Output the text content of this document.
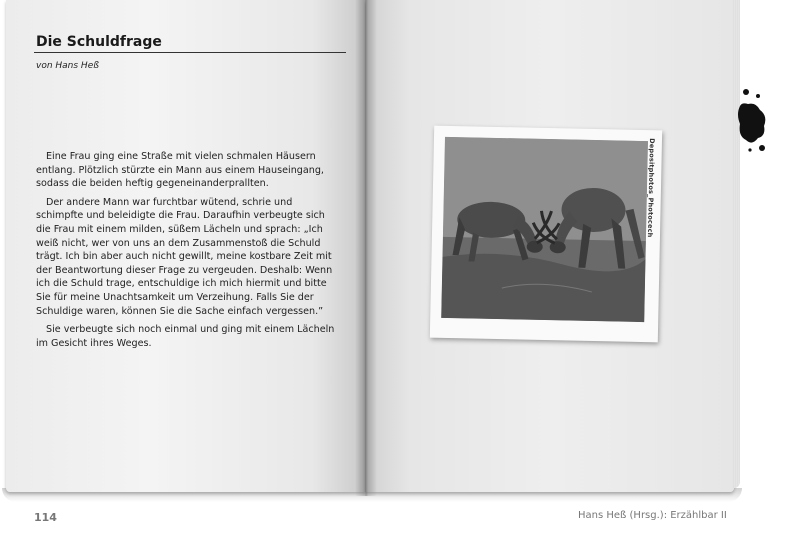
Die Schuldfrage
von Hans Heß

Eine Frau ging eine Straße mit vielen schmalen Häusern entlang. Plötzlich stürzte ein Mann aus einem Hauseingang, sodass die beiden heftig gegeneinanderprallten.

Der andere Mann war furchtbar wütend, schrie und schimpfte und beleidigte die Frau. Daraufhin verbeugte sich die Frau mit einem milden, süßem Lächeln und sprach: „Ich weiß nicht, wer von uns an dem Zusammenstoß die Schuld trägt. Ich bin aber auch nicht gewillt, meine kostbare Zeit mit der Beantwortung dieser Frage zu vergeuden. Deshalb: Wenn ich die Schuld trage, entschuldige ich mich hiermit und bitte Sie für meine Unachtsamkeit um Verzeihung. Falls Sie der Schuldige waren, können Sie die Sache einfach vergessen.”

Sie verbeugte sich noch einmal und ging mit einem Lächeln im Gesicht ihres Weges.

Depositphotos_Photocech
114	Hans Heß (Hrsg.): Erzählbar II
